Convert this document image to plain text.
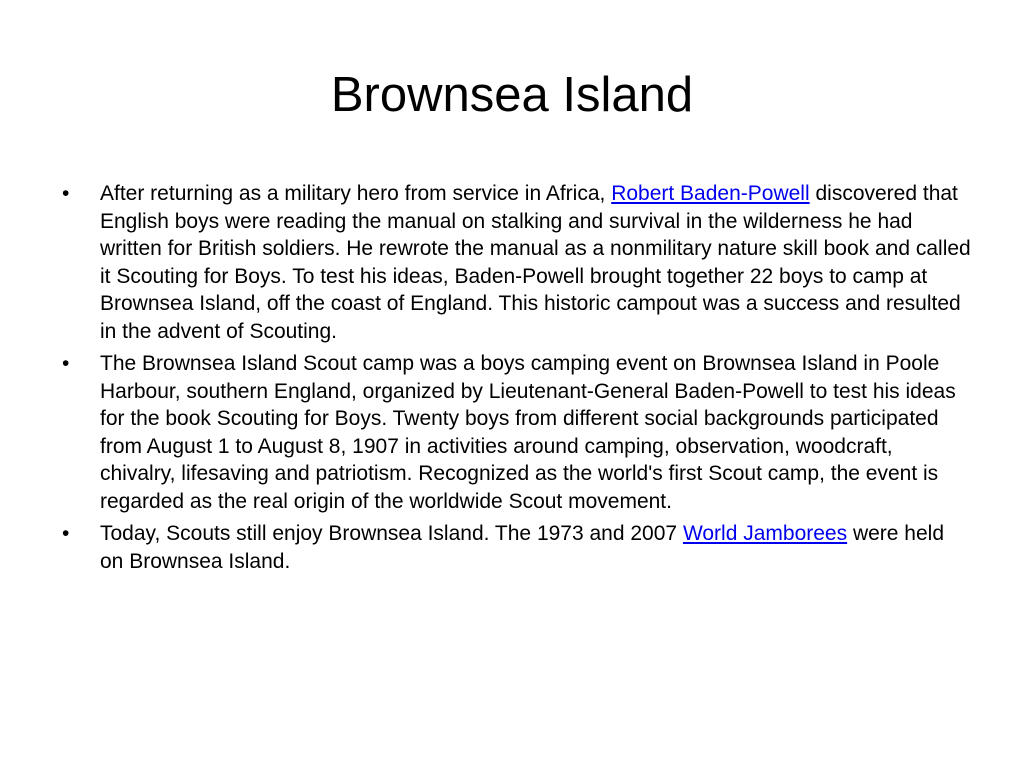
Brownsea Island
•	After returning as a military hero from service in Africa, Robert Baden-Powell discovered that English boys were reading the manual on stalking and survival in the wilderness he had written for British soldiers. He rewrote the manual as a nonmilitary nature skill book and called it Scouting for Boys. To test his ideas, Baden-Powell brought together 22 boys to camp at Brownsea Island, off the coast of England. This historic campout was a success and resulted in the advent of Scouting.
•	The Brownsea Island Scout camp was a boys camping event on Brownsea Island in Poole Harbour, southern England, organized by Lieutenant-General Baden-Powell to test his ideas for the book Scouting for Boys. Twenty boys from different social backgrounds participated from August 1 to August 8, 1907 in activities around camping, observation, woodcraft, chivalry, lifesaving and patriotism. Recognized as the world's first Scout camp, the event is regarded as the real origin of the worldwide Scout movement.
•	Today, Scouts still enjoy Brownsea Island. The 1973 and 2007 World Jamborees were held on Brownsea Island.
